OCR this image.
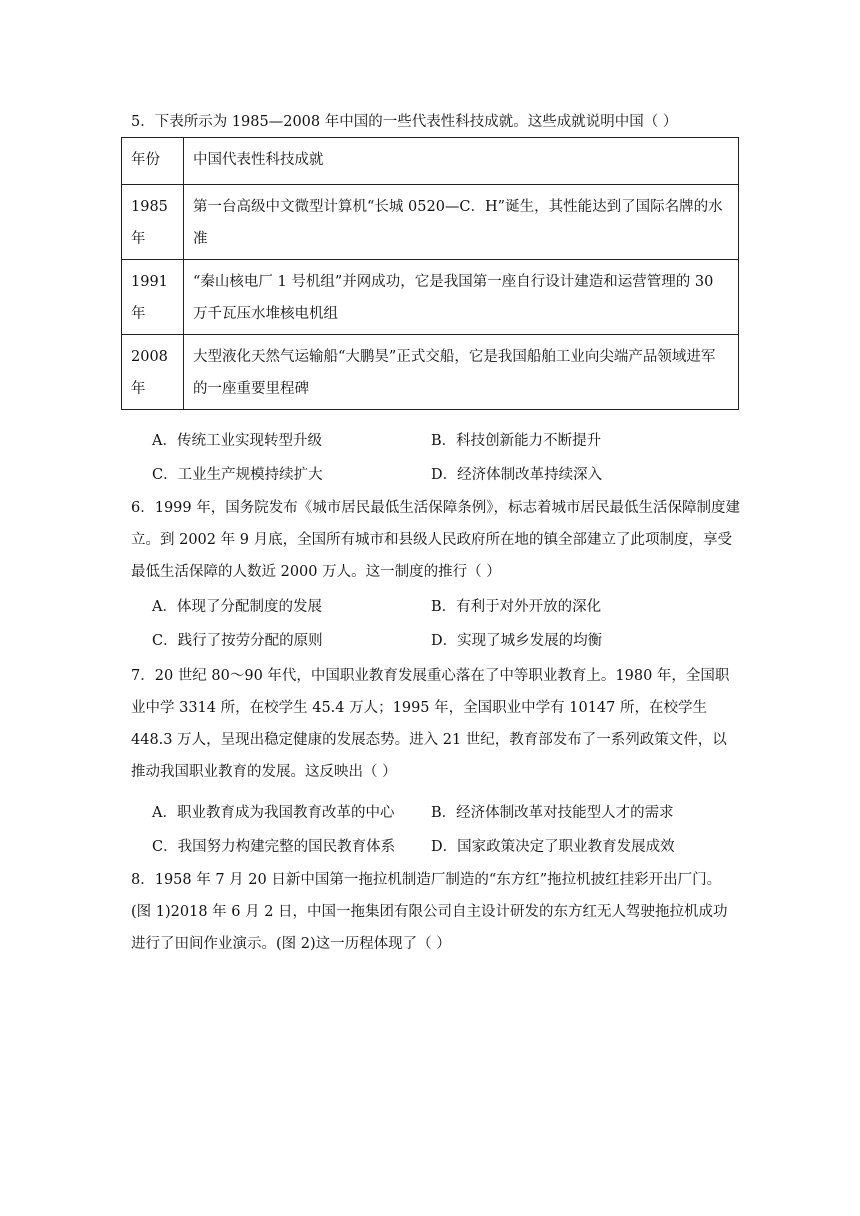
5．下表所示为 1985—2008 年中国的一些代表性科技成就。这些成就说明中国（ ）

年份	中国代表性科技成就
1985年	第一台高级中文微型计算机“长城 0520—C．H”诞生，其性能达到了国际名牌的水准
1991年	“秦山核电厂 1 号机组”并网成功，它是我国第一座自行设计建造和运营管理的 30 万千瓦压水堆核电机组
2008年	大型液化天然气运输船“大鹏昊”正式交船，它是我国船舶工业向尖端产品领域进军的一座重要里程碑
A．传统工业实现转型升级	B．科技创新能力不断提升
C．工业生产规模持续扩大	D．经济体制改革持续深入

6．1999 年，国务院发布《城市居民最低生活保障条例》，标志着城市居民最低生活保障制度建立。到 2002 年 9 月底，全国所有城市和县级人民政府所在地的镇全部建立了此项制度，享受最低生活保障的人数近 2000 万人。这一制度的推行（ ）

A．体现了分配制度的发展	B．有利于对外开放的深化
C．践行了按劳分配的原则	D．实现了城乡发展的均衡

7．20 世纪 80～90 年代，中国职业教育发展重心落在了中等职业教育上。1980 年，全国职业中学 3314 所，在校学生 45.4 万人；1995 年，全国职业中学有 10147 所，在校学生 448.3 万人，呈现出稳定健康的发展态势。进入 21 世纪，教育部发布了一系列政策文件，以推动我国职业教育的发展。这反映出（ ）

A．职业教育成为我国教育改革的中心	B．经济体制改革对技能型人才的需求
C．我国努力构建完整的国民教育体系 D．国家政策决定了职业教育发展成效

8．1958 年 7 月 20 日新中国第一拖拉机制造厂制造的“东方红”拖拉机披红挂彩开出厂门。(图 1)2018 年 6 月 2 日，中国一拖集团有限公司自主设计研发的东方红无人驾驶拖拉机成功进行了田间作业演示。(图 2)这一历程体现了（ ）
